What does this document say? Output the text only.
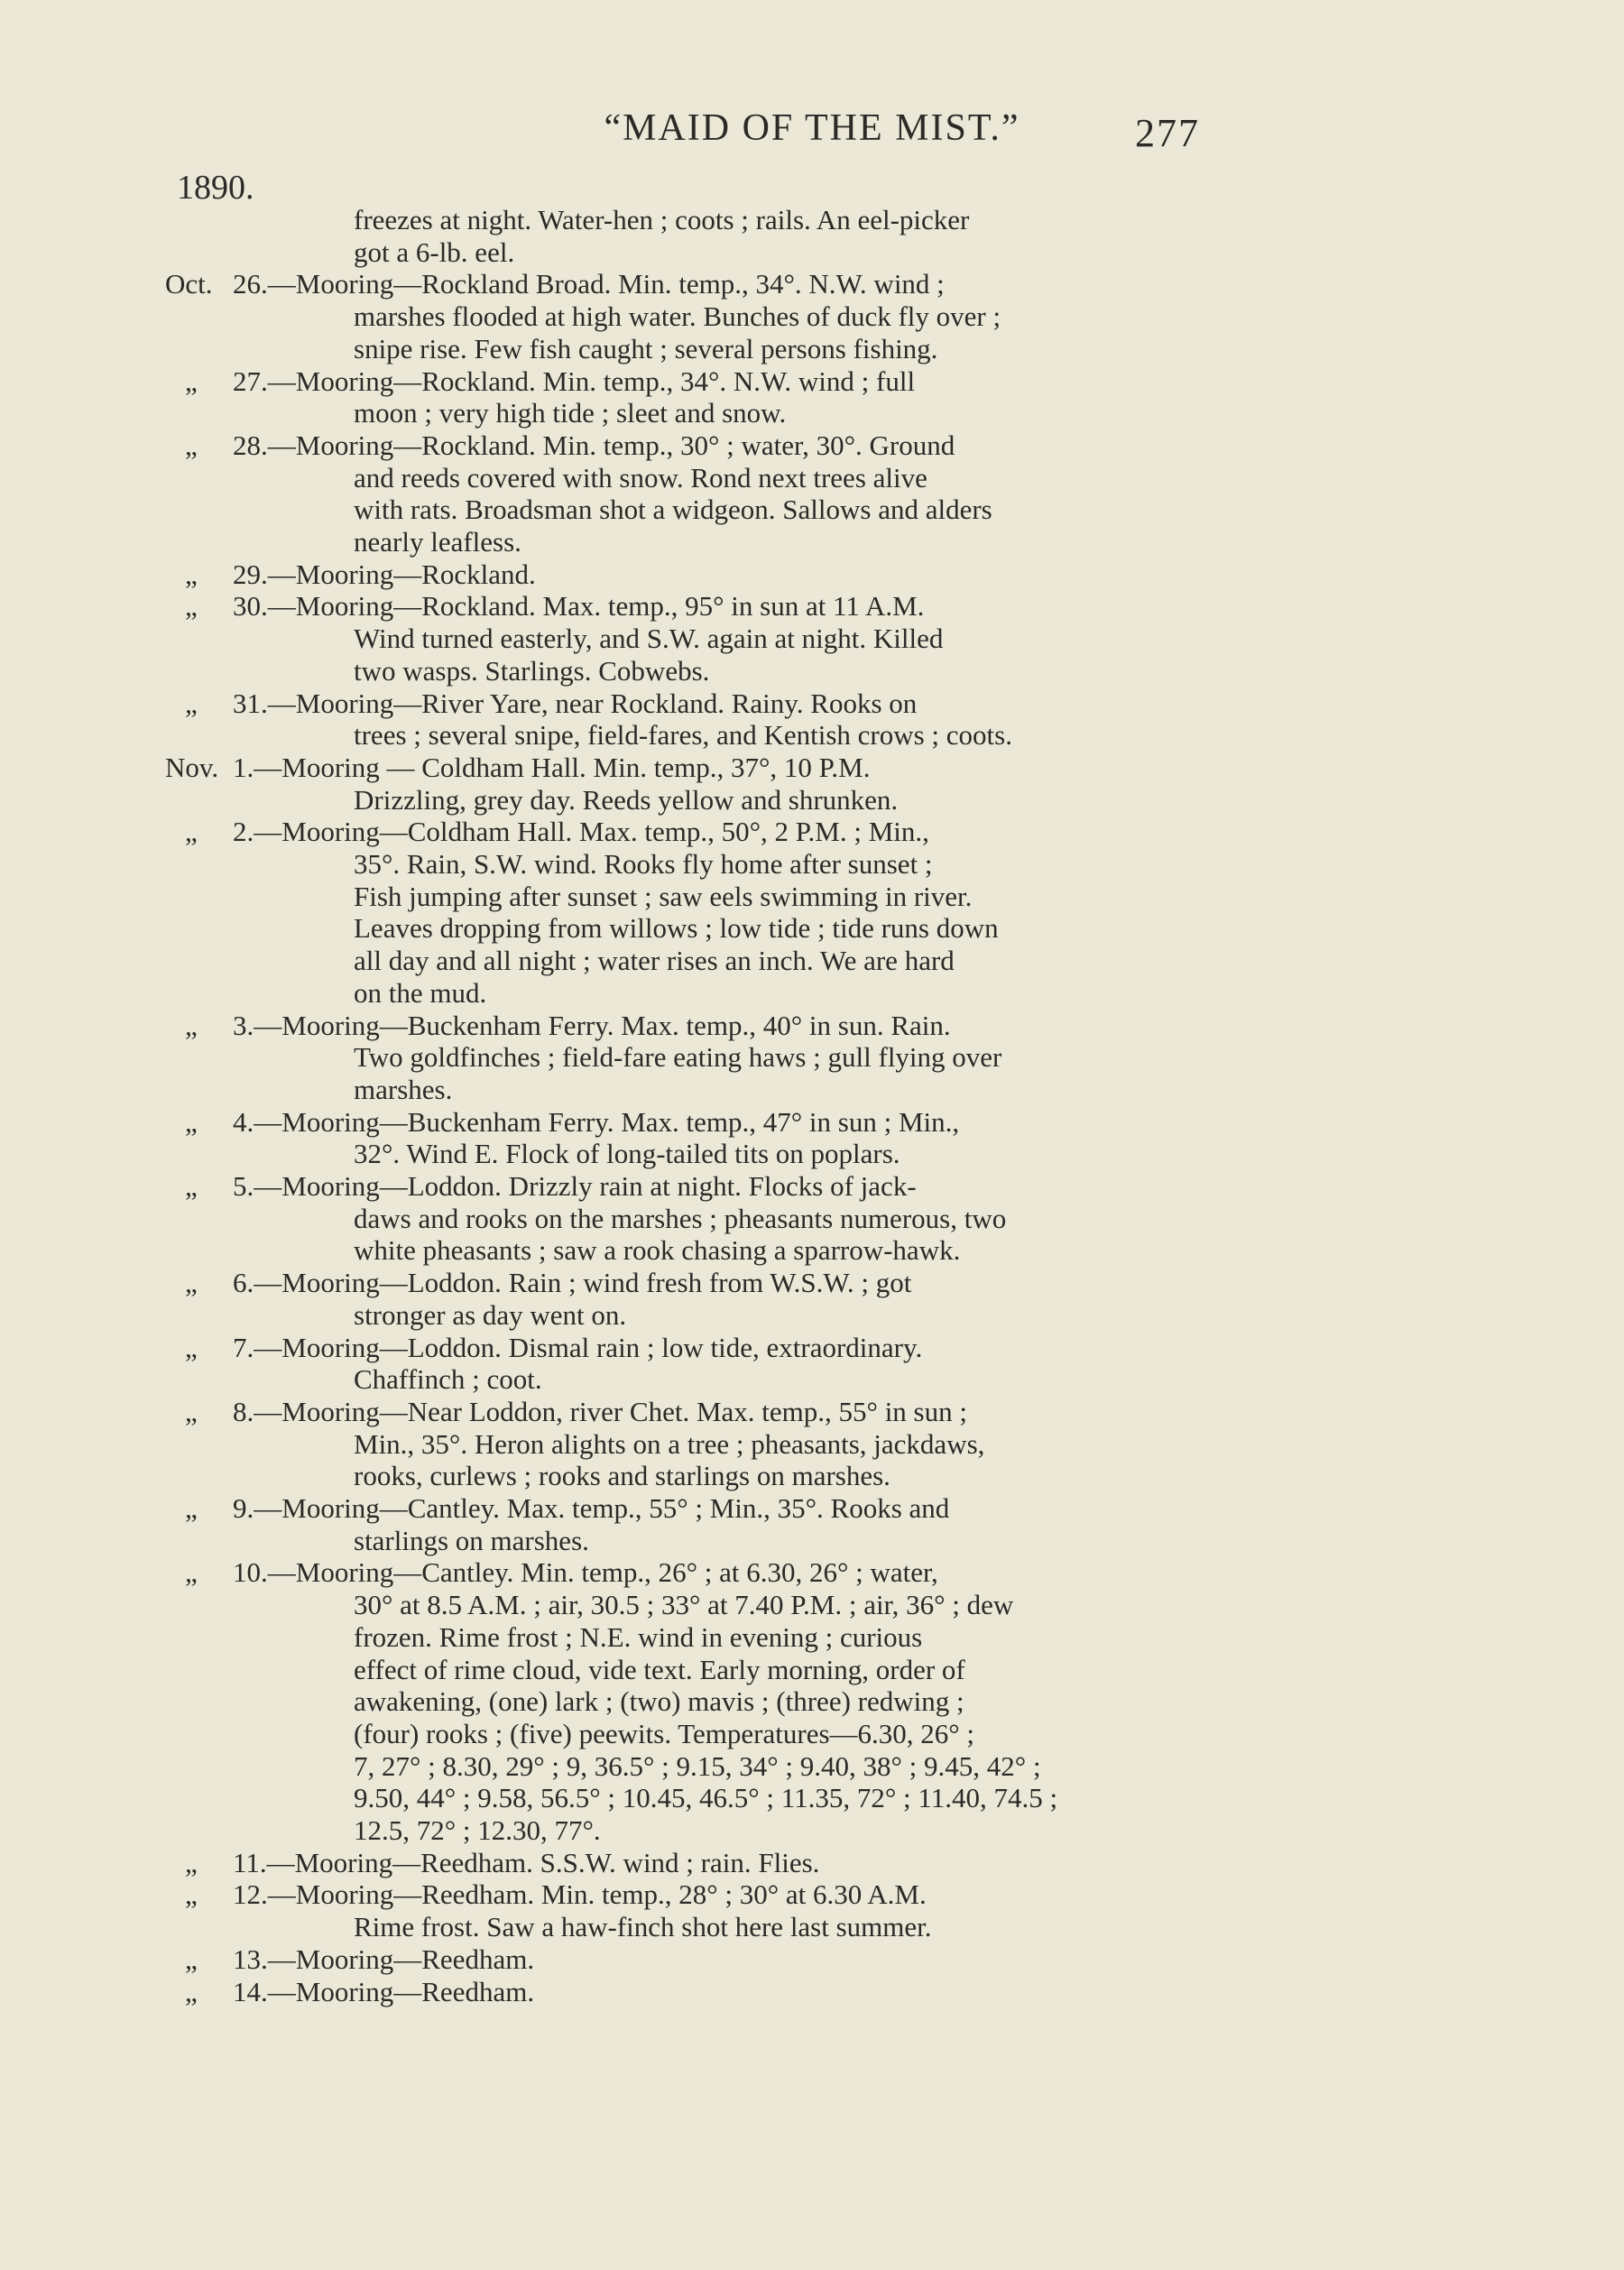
“MAID OF THE MIST.”	277
1890.
freezes at night. Water-hen ; coots ; rails. An eel-picker
got a 6-lb. eel.
Oct. 26.—Mooring—Rockland Broad. Min. temp., 34°. N.W. wind ;
marshes flooded at high water. Bunches of duck fly over ;
snipe rise. Few fish caught ; several persons fishing.
„ 27.—Mooring—Rockland. Min. temp., 34°. N.W. wind ; full
moon ; very high tide ; sleet and snow.
„ 28.—Mooring—Rockland. Min. temp., 30° ; water, 30°. Ground
and reeds covered with snow. Rond next trees alive
with rats. Broadsman shot a widgeon. Sallows and alders
nearly leafless.
„ 29.—Mooring—Rockland.
„ 30.—Mooring—Rockland. Max. temp., 95° in sun at 11 A.M.
Wind turned easterly, and S.W. again at night. Killed
two wasps. Starlings. Cobwebs.
„ 31.—Mooring—River Yare, near Rockland. Rainy. Rooks on
trees ; several snipe, field-fares, and Kentish crows ; coots.
Nov. 1.—Mooring — Coldham Hall. Min. temp., 37°, 10 P.M.
Drizzling, grey day. Reeds yellow and shrunken.
„ 2.—Mooring—Coldham Hall. Max. temp., 50°, 2 P.M. ; Min.,
35°. Rain, S.W. wind. Rooks fly home after sunset ;
Fish jumping after sunset ; saw eels swimming in river.
Leaves dropping from willows ; low tide ; tide runs down
all day and all night ; water rises an inch. We are hard
on the mud.
„ 3.—Mooring—Buckenham Ferry. Max. temp., 40° in sun. Rain.
Two goldfinches ; field-fare eating haws ; gull flying over
marshes.
„ 4.—Mooring—Buckenham Ferry. Max. temp., 47° in sun ; Min.,
32°. Wind E. Flock of long-tailed tits on poplars.
„ 5.—Mooring—Loddon. Drizzly rain at night. Flocks of jack-
daws and rooks on the marshes ; pheasants numerous, two
white pheasants ; saw a rook chasing a sparrow-hawk.
„ 6.—Mooring—Loddon. Rain ; wind fresh from W.S.W. ; got
stronger as day went on.
„ 7.—Mooring—Loddon. Dismal rain ; low tide, extraordinary.
Chaffinch ; coot.
„ 8.—Mooring—Near Loddon, river Chet. Max. temp., 55° in sun ;
Min., 35°. Heron alights on a tree ; pheasants, jackdaws,
rooks, curlews ; rooks and starlings on marshes.
„ 9.—Mooring—Cantley. Max. temp., 55° ; Min., 35°. Rooks and
starlings on marshes.
„ 10.—Mooring—Cantley. Min. temp., 26° ; at 6.30, 26° ; water,
30° at 8.5 A.M. ; air, 30.5 ; 33° at 7.40 P.M. ; air, 36° ; dew
frozen. Rime frost ; N.E. wind in evening ; curious
effect of rime cloud, vide text. Early morning, order of
awakening, (one) lark ; (two) mavis ; (three) redwing ;
(four) rooks ; (five) peewits. Temperatures—6.30, 26° ;
7, 27° ; 8.30, 29° ; 9, 36.5° ; 9.15, 34° ; 9.40, 38° ; 9.45, 42° ;
9.50, 44° ; 9.58, 56.5° ; 10.45, 46.5° ; 11.35, 72° ; 11.40, 74.5 ;
12.5, 72° ; 12.30, 77°.
„ 11.—Mooring—Reedham. S.S.W. wind ; rain. Flies.
„ 12.—Mooring—Reedham. Min. temp., 28° ; 30° at 6.30 A.M.
Rime frost. Saw a haw-finch shot here last summer.
„ 13.—Mooring—Reedham.
„ 14.—Mooring—Reedham.
